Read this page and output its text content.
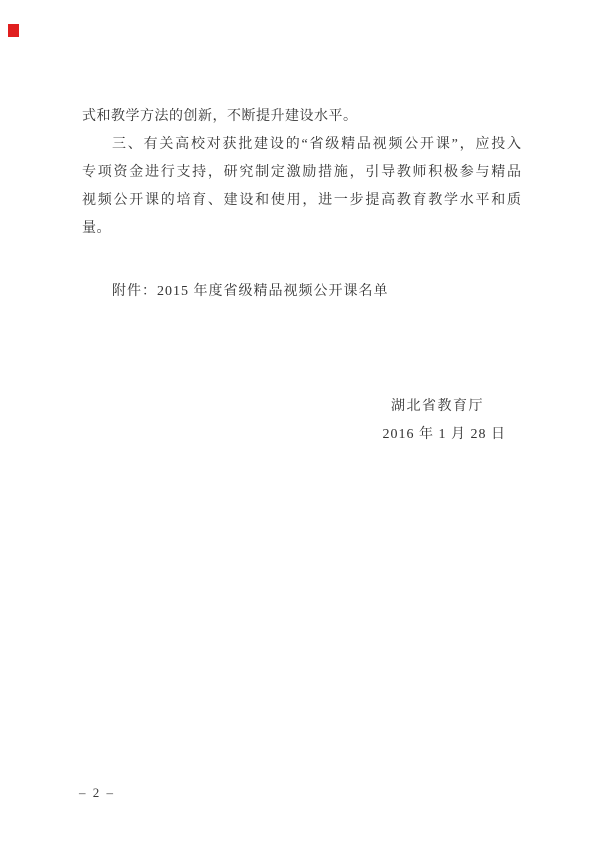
式和教学方法的创新，不断提升建设水平。

三、有关高校对获批建设的“省级精品视频公开课”，应投入

专项资金进行支持，研究制定激励措施，引导教师积极参与精品

视频公开课的培育、建设和使用，进一步提高教育教学水平和质

量。

附件：2015 年度省级精品视频公开课名单

湖北省教育厅

2016 年 1 月 28 日

– 2 –
